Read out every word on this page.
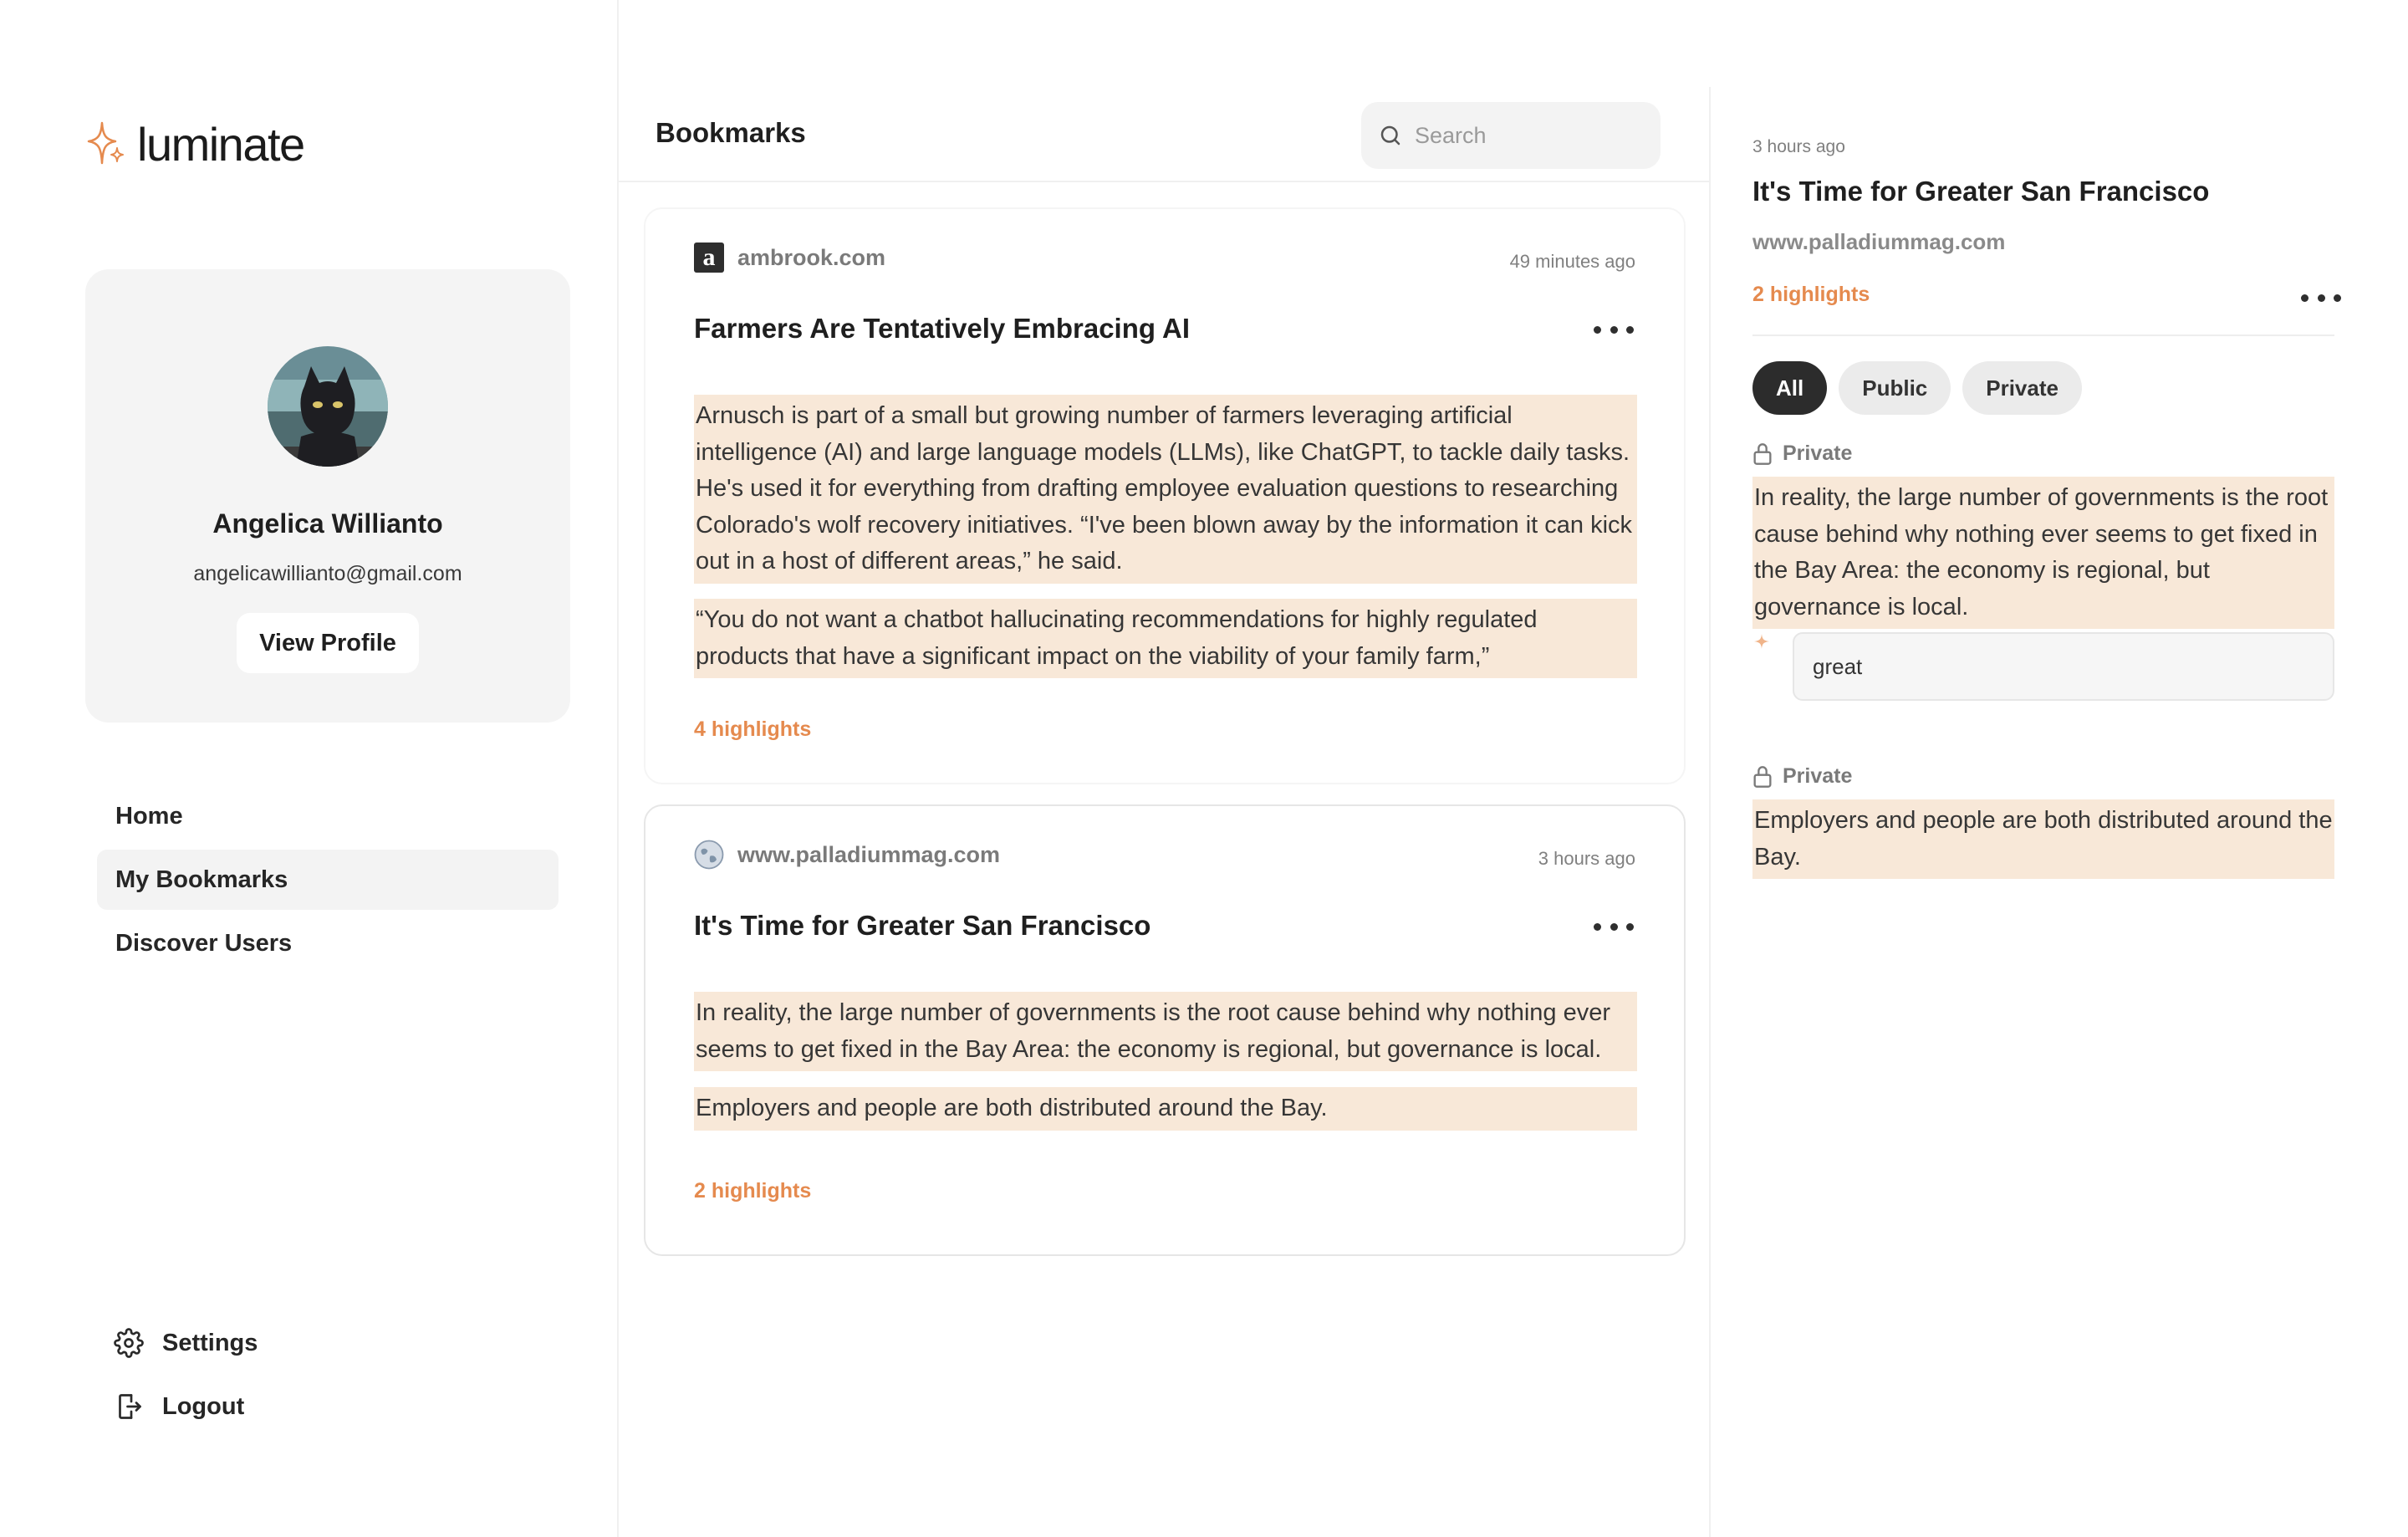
luminate
Angelica Willianto
angelicawillianto@gmail.com
View Profile
Home
My Bookmarks
Discover Users
Settings
Logout
Bookmarks
Search
a ambrook.com	49 minutes ago
Farmers Are Tentatively Embracing AI

Arnusch is part of a small but growing number of farmers leveraging artificial intelligence (AI) and large language models (LLMs), like ChatGPT, to tackle daily tasks. He's used it for everything from drafting employee evaluation questions to researching Colorado's wolf recovery initiatives. “I've been blown away by the information it can kick out in a host of different areas,” he said.

“You do not want a chatbot hallucinating recommendations for highly regulated products that have a significant impact on the viability of your family farm,”

4 highlights
www.palladiummag.com	3 hours ago
It's Time for Greater San Francisco

In reality, the large number of governments is the root cause behind why nothing ever seems to get fixed in the Bay Area: the economy is regional, but governance is local.

Employers and people are both distributed around the Bay.

2 highlights
3 hours ago
It's Time for Greater San Francisco
www.palladiummag.com
2 highlights
All	Public	Private
Private

In reality, the large number of governments is the root cause behind why nothing ever seems to get fixed in the Bay Area: the economy is regional, but governance is local.

great
Private

Employers and people are both distributed around the Bay.
